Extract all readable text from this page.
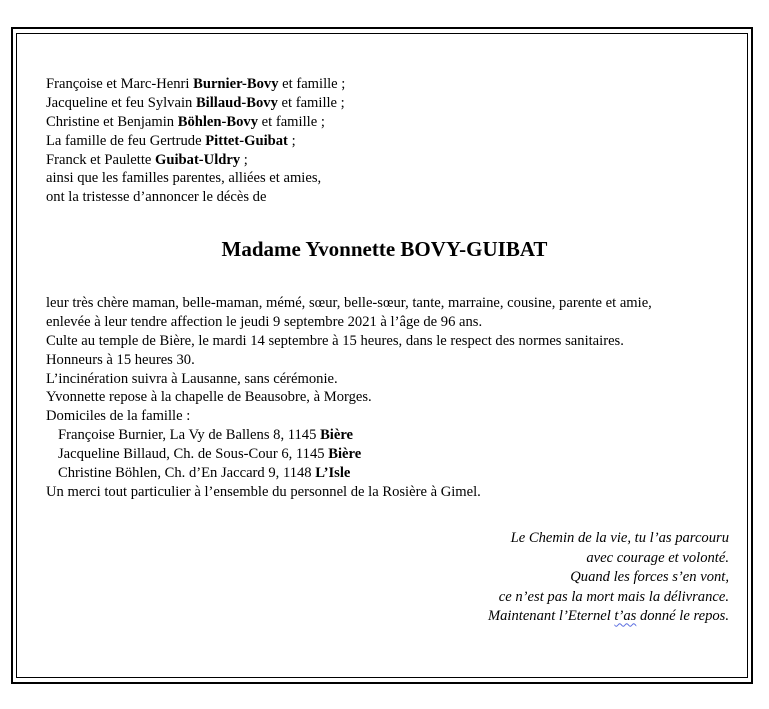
Françoise et Marc-Henri Burnier-Bovy et famille ;
Jacqueline et feu Sylvain Billaud-Bovy et famille ;
Christine et Benjamin Böhlen-Bovy et famille ;
La famille de feu Gertrude Pittet-Guibat ;
Franck et Paulette Guibat-Uldry ;
ainsi que les familles parentes, alliées et amies,
ont la tristesse d’annoncer le décès de
Madame Yvonnette BOVY-GUIBAT
leur très chère maman, belle-maman, mémé, sœur, belle-sœur, tante, marraine, cousine, parente et amie,
enlevée à leur tendre affection le jeudi 9 septembre 2021 à l’âge de 96 ans.
Culte au temple de Bière, le mardi 14 septembre à 15 heures, dans le respect des normes sanitaires.
Honneurs à 15 heures 30.
L’incinération suivra à Lausanne, sans cérémonie.
Yvonnette repose à la chapelle de Beausobre, à Morges.
Domiciles de la famille :
Françoise Burnier, La Vy de Ballens 8, 1145 Bière
Jacqueline Billaud, Ch. de Sous-Cour 6, 1145 Bière
Christine Böhlen, Ch. d’En Jaccard 9, 1148 L’Isle
Un merci tout particulier à l’ensemble du personnel de la Rosière à Gimel.
Le Chemin de la vie, tu l’as parcouru
avec courage et volonté.
Quand les forces s’en vont,
ce n’est pas la mort mais la délivrance.
Maintenant l’Eternel t’as donné le repos.
